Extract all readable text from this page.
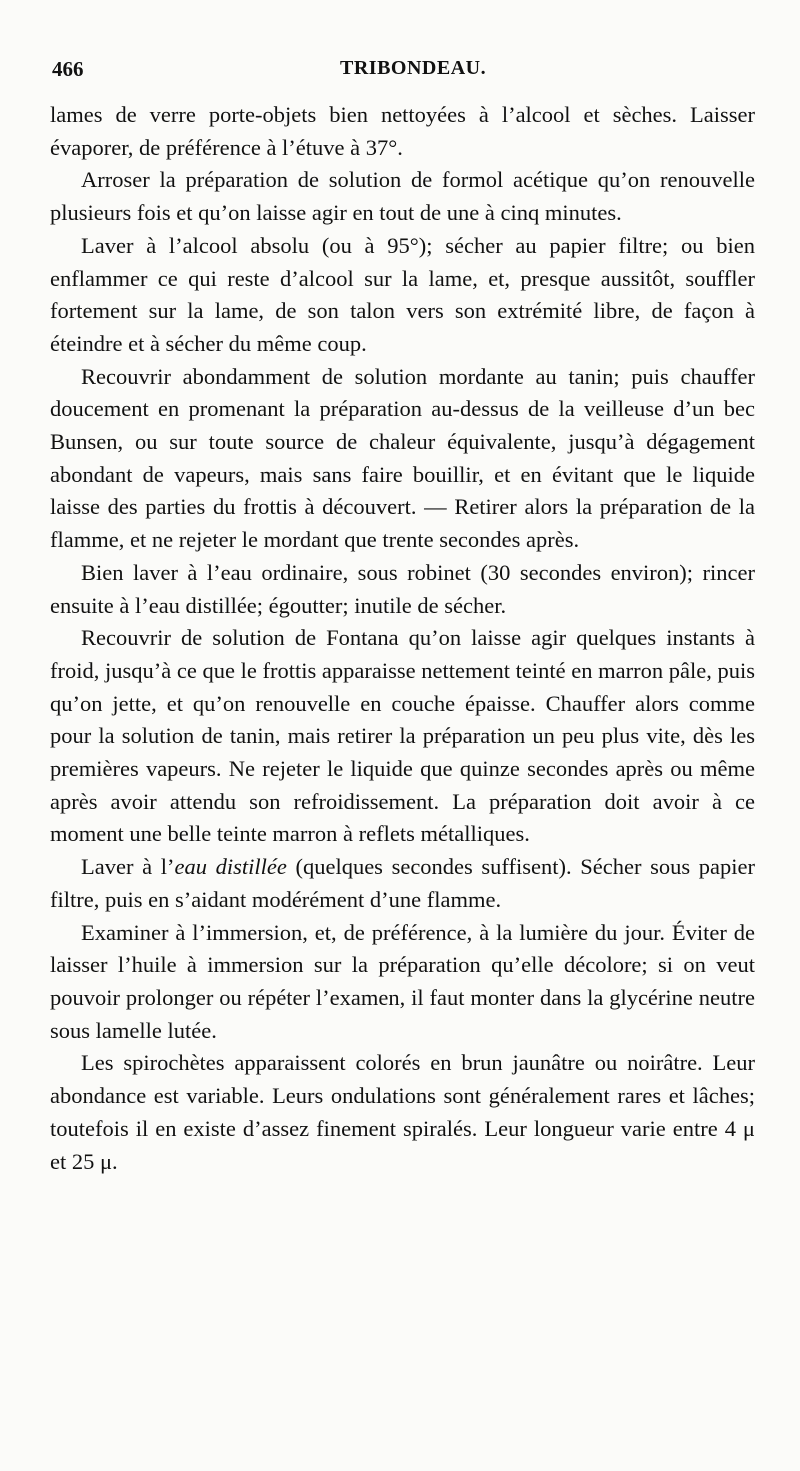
466	TRIBONDEAU.

lames de verre porte-objets bien nettoyées à l’alcool et sèches. Laisser évaporer, de préférence à l’étuve à 37°.

Arroser la préparation de solution de formol acétique qu’on renouvelle plusieurs fois et qu’on laisse agir en tout de une à cinq minutes.

Laver à l’alcool absolu (ou à 95°); sécher au papier filtre; ou bien enflammer ce qui reste d’alcool sur la lame, et, presque aussitôt, souffler fortement sur la lame, de son talon vers son extrémité libre, de façon à éteindre et à sécher du même coup.

Recouvrir abondamment de solution mordante au tanin; puis chauffer doucement en promenant la préparation au-dessus de la veilleuse d’un bec Bunsen, ou sur toute source de chaleur équivalente, jusqu’à dégagement abondant de vapeurs, mais sans faire bouillir, et en évitant que le liquide laisse des parties du frottis à découvert. — Retirer alors la préparation de la flamme, et ne rejeter le mordant que trente secondes après.

Bien laver à l’eau ordinaire, sous robinet (30 secondes environ); rincer ensuite à l’eau distillée; égoutter; inutile de sécher.

Recouvrir de solution de Fontana qu’on laisse agir quelques instants à froid, jusqu’à ce que le frottis apparaisse nettement teinté en marron pâle, puis qu’on jette, et qu’on renouvelle en couche épaisse. Chauffer alors comme pour la solution de tanin, mais retirer la préparation un peu plus vite, dès les premières vapeurs. Ne rejeter le liquide que quinze secondes après ou même après avoir attendu son refroidissement. La préparation doit avoir à ce moment une belle teinte marron à reflets métalliques.

Laver à l’eau distillée (quelques secondes suffisent). Sécher sous papier filtre, puis en s’aidant modérément d’une flamme.

Examiner à l’immersion, et, de préférence, à la lumière du jour. Éviter de laisser l’huile à immersion sur la préparation qu’elle décolore; si on veut pouvoir prolonger ou répéter l’examen, il faut monter dans la glycérine neutre sous lamelle lutée.

Les spirochètes apparaissent colorés en brun jaunâtre ou noirâtre. Leur abondance est variable. Leurs ondulations sont généralement rares et lâches; toutefois il en existe d’assez finement spiralés. Leur longueur varie entre 4 μ et 25 μ.
